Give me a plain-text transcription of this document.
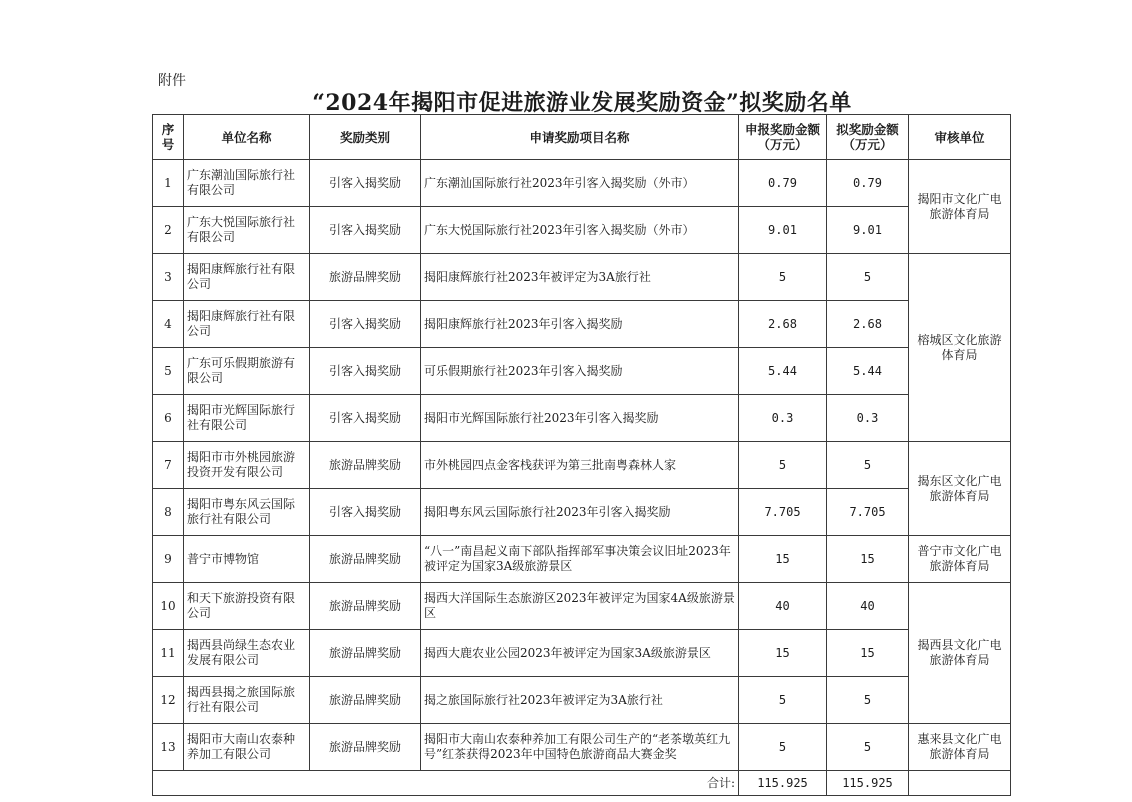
附件
“2024年揭阳市促进旅游业发展奖励资金”拟奖励名单
序号	单位名称	奖励类别	申请奖励项目名称	申报奖励金额（万元）	拟奖励金额（万元）	审核单位
1	广东潮汕国际旅行社有限公司	引客入揭奖励	广东潮汕国际旅行社2023年引客入揭奖励（外市）	0.79	0.79	揭阳市文化广电旅游体育局
2	广东大悦国际旅行社有限公司	引客入揭奖励	广东大悦国际旅行社2023年引客入揭奖励（外市）	9.01	9.01	
3	揭阳康辉旅行社有限公司	旅游品牌奖励	揭阳康辉旅行社2023年被评定为3A旅行社	5	5	榕城区文化旅游体育局
4	揭阳康辉旅行社有限公司	引客入揭奖励	揭阳康辉旅行社2023年引客入揭奖励	2.68	2.68	
5	广东可乐假期旅游有限公司	引客入揭奖励	可乐假期旅行社2023年引客入揭奖励	5.44	5.44	
6	揭阳市光辉国际旅行社有限公司	引客入揭奖励	揭阳市光辉国际旅行社2023年引客入揭奖励	0.3	0.3	
7	揭阳市市外桃园旅游投资开发有限公司	旅游品牌奖励	市外桃园四点金客栈获评为第三批南粤森林人家	5	5	揭东区文化广电旅游体育局
8	揭阳市粤东风云国际旅行社有限公司	引客入揭奖励	揭阳粤东风云国际旅行社2023年引客入揭奖励	7.705	7.705	
9	普宁市博物馆	旅游品牌奖励	“八一”南昌起义南下部队指挥部军事决策会议旧址2023年被评定为国家3A级旅游景区	15	15	普宁市文化广电旅游体育局
10	和天下旅游投资有限公司	旅游品牌奖励	揭西大洋国际生态旅游区2023年被评定为国家4A级旅游景区	40	40	揭西县文化广电旅游体育局
11	揭西县尚绿生态农业发展有限公司	旅游品牌奖励	揭西大鹿农业公园2023年被评定为国家3A级旅游景区	15	15	
12	揭西县揭之旅国际旅行社有限公司	旅游品牌奖励	揭之旅国际旅行社2023年被评定为3A旅行社	5	5	
13	揭阳市大南山农泰种养加工有限公司	旅游品牌奖励	揭阳市大南山农泰种养加工有限公司生产的“老茶墩英红九号”红茶获得2023年中国特色旅游商品大赛金奖	5	5	惠来县文化广电旅游体育局
合计:				115.925	115.925	
